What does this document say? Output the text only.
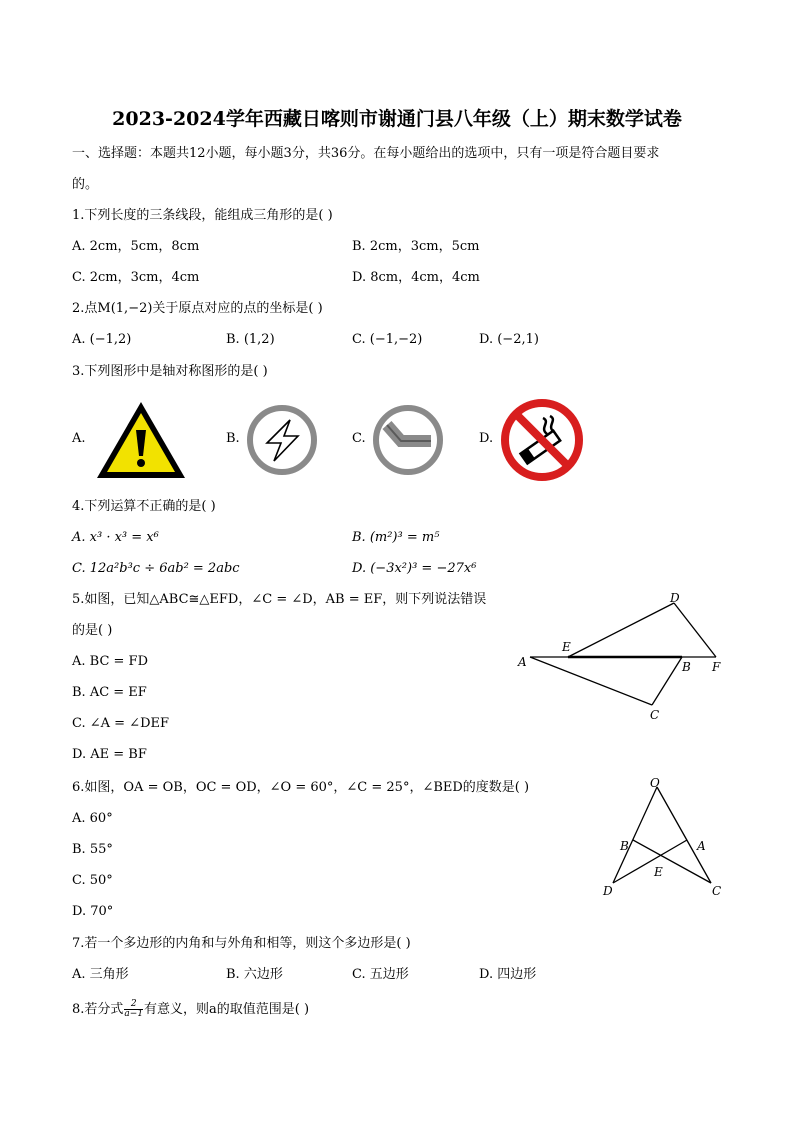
2023-2024学年西藏日喀则市谢通门县八年级（上）期末数学试卷
一、选择题：本题共12小题，每小题3分，共36分。在每小题给出的选项中，只有一项是符合题目要求
的。
1.下列长度的三条线段，能组成三角形的是( )
A. 2cm，5cm，8cm	B. 2cm，3cm，5cm
C. 2cm，3cm，4cm	D. 8cm，4cm，4cm
2.点M(1,−2)关于原点对应的点的坐标是( )
A. (−1,2)	B. (1,2)	C. (−1,−2)	D. (−2,1)
3.下列图形中是轴对称图形的是( )
A.	B.	C.	D.
4.下列运算不正确的是( )
A. x³ · x³ = x⁶	B. (m²)³ = m⁵
C. 12a²b³c ÷ 6ab² = 2abc	D. (−3x²)³ = −27x⁶
5.如图，已知△ABC≅△EFD，∠C = ∠D，AB = EF，则下列说法错误
的是( )
A. BC = FD
B. AC = EF
C. ∠A = ∠DEF
D. AE = BF
A
E
D
B F
C
6.如图，OA = OB，OC = OD，∠O = 60°，∠C = 25°，∠BED的度数是( )
A. 60°
B. 55°
C. 50°
D. 70°
O
B	A
E
D	C
7.若一个多边形的内角和与外角和相等，则这个多边形是( )
A. 三角形	B. 六边形	C. 五边形	D. 四边形
8.若分式 $\frac{2}{a-1}$ 有意义，则a的取值范围是( )
